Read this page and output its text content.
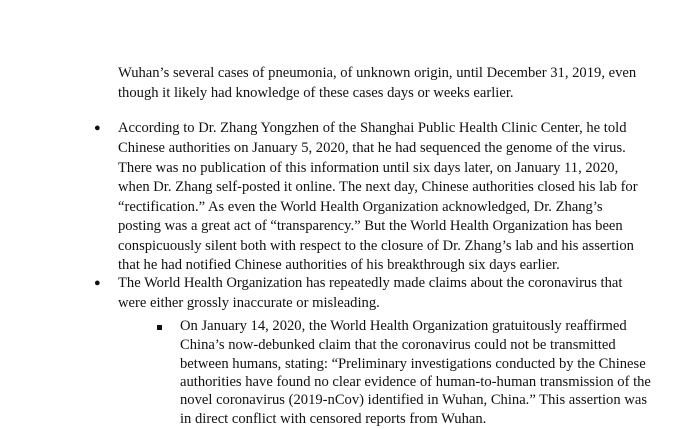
Wuhan’s several cases of pneumonia, of unknown origin, until December 31, 2019, even
though it likely had knowledge of these cases days or weeks earlier.
● According to Dr. Zhang Yongzhen of the Shanghai Public Health Clinic Center, he told
Chinese authorities on January 5, 2020, that he had sequenced the genome of the virus.
There was no publication of this information until six days later, on January 11, 2020,
when Dr. Zhang self-posted it online. The next day, Chinese authorities closed his lab for
“rectification.” As even the World Health Organization acknowledged, Dr. Zhang’s
posting was a great act of “transparency.” But the World Health Organization has been
conspicuously silent both with respect to the closure of Dr. Zhang’s lab and his assertion
that he had notified Chinese authorities of his breakthrough six days earlier.
● The World Health Organization has repeatedly made claims about the coronavirus that
were either grossly inaccurate or misleading.
On January 14, 2020, the World Health Organization gratuitously reaffirmed
China’s now-debunked claim that the coronavirus could not be transmitted
between humans, stating: “Preliminary investigations conducted by the Chinese
authorities have found no clear evidence of human-to-human transmission of the
novel coronavirus (2019-nCov) identified in Wuhan, China.” This assertion was
in direct conflict with censored reports from Wuhan.
